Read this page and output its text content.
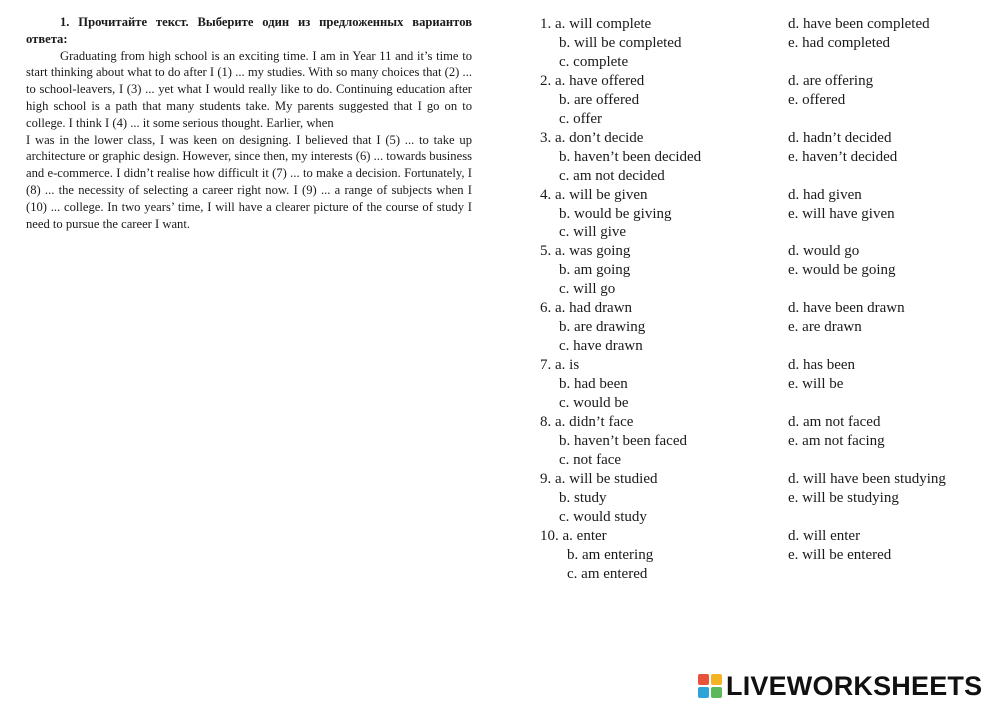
1. Прочитайте текст. Выберите один из предложенных вариантов ответа:

Graduating from high school is an exciting time. I am in Year 11 and it’s time to start thinking about what to do after I (1) ... my studies. With so many choices that (2) ... to school-leavers, I (3) ... yet what I would really like to do. Continuing education after high school is a path that many students take. My parents suggested that I go on to college. I think I (4) ... it some serious thought. Earlier, when

I was in the lower class, I was keen on designing. I believed that I (5) ... to take up architecture or graphic design. However, since then, my interests (6) ... towards business and e-commerce. I didn’t realise how difficult it (7) ... to make a decision. Fortunately, I (8) ... the necessity of selecting a career right now. I (9) ... a range of subjects when I (10) ... college. In two years’ time, I will have a clearer picture of the course of study I need to pursue the career I want.

1. a. will complete	d. have been completed
b. will be completed	e. had completed
c. complete
2. a. have offered	d. are offering
b. are offered	e. offered
c. offer
3. a. don’t decide	d. hadn’t decided
b. haven’t been decided	e. haven’t decided
c. am not decided
4. a. will be given	d. had given
b. would be giving	e. will have given
c. will give
5. a. was going	d. would go
b. am going	e. would be going
c. will go
6. a. had drawn	d. have been drawn
b. are drawing	e. are drawn
c. have drawn
7. a. is	d. has been
b. had been	e. will be
c. would be
8. a. didn’t face	d. am not faced
b. haven’t been faced	e. am not facing
c. not face
9. a. will be studied	d. will have been studying
b. study	e. will be studying
c. would study
10. a. enter	d. will enter
b. am entering	e. will be entered
c. am entered
LIVEWORKSHEETS
